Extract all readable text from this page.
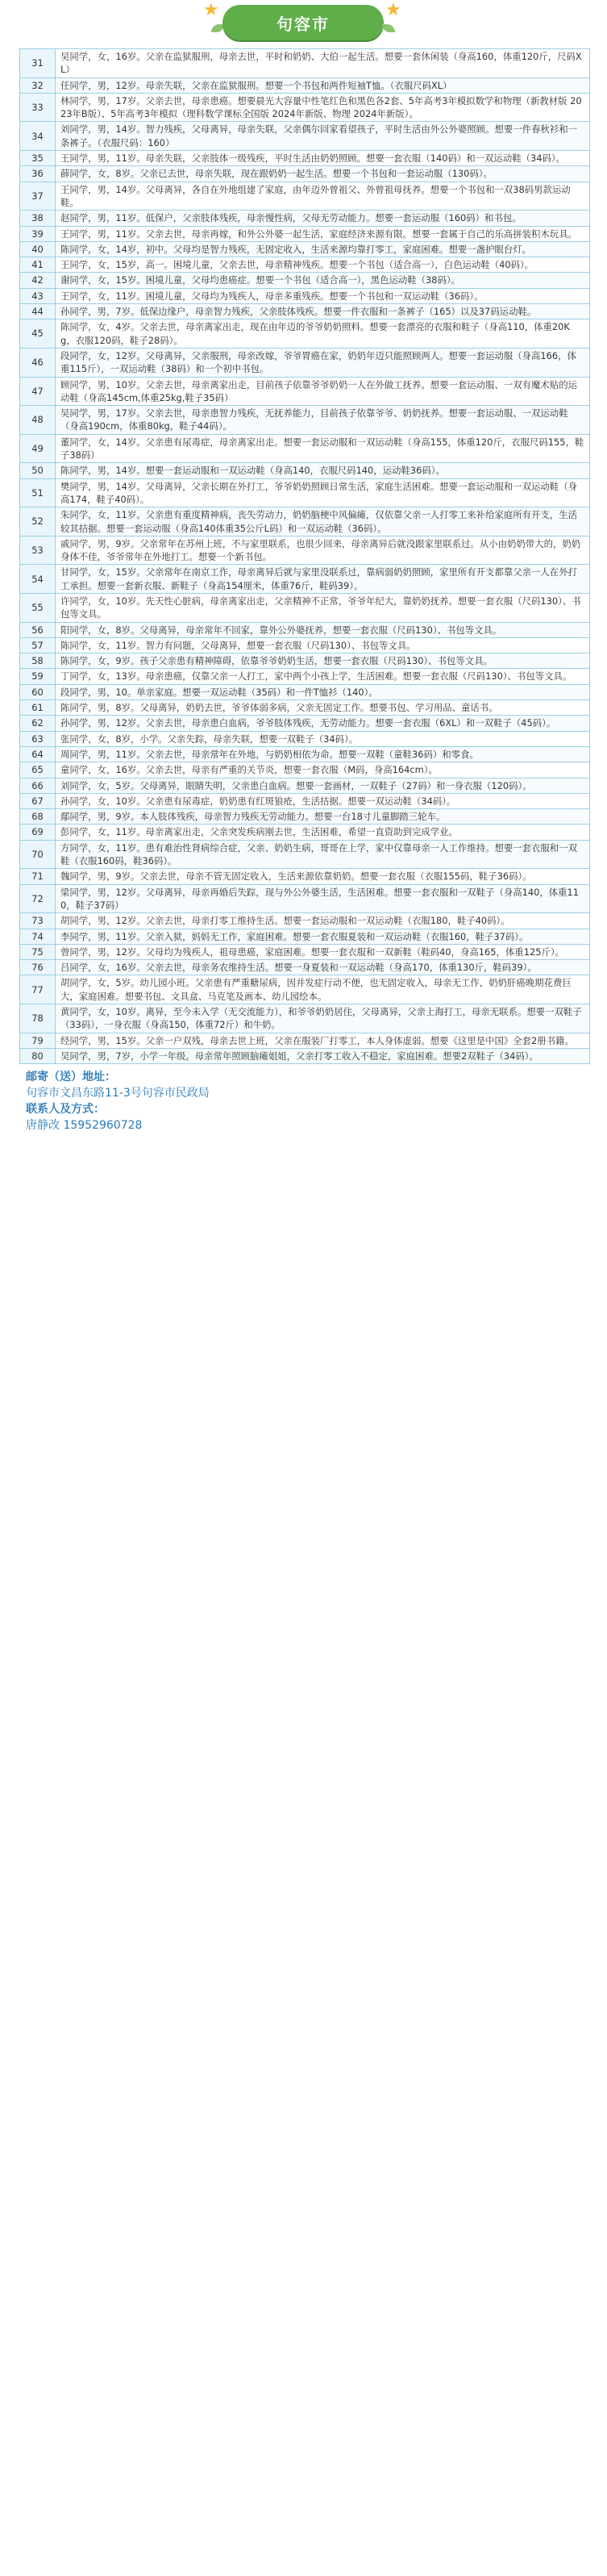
★
句容市
★
31	吴同学，女，16岁。父亲在监狱服刑，母亲去世，平时和奶奶、大伯一起生活。想要一套休闲装（身高160，体重120斤，尺码XL）
32	任同学，男，12岁。母亲失联，父亲在监狱服刑。想要一个书包和两件短袖T恤。（衣服尺码XL）
33	林同学，男，17岁。父亲去世，母亲患癌。想要晨光大容量中性笔红色和黑色各2套、5年高考3年模拟数学和物理（新教材版 2023年B版）、5年高考3年模拟（理科数学课标全国版 2024年新版、物理 2024年新版）。
34	刘同学，男，14岁。智力残疾，父母离异，母亲失联，父亲偶尔回家看望孩子，平时生活由外公外婆照顾。想要一件春秋衫和一条裤子。（衣服尺码：160）
35	王同学，男，11岁。母亲失联，父亲肢体一级残疾，平时生活由奶奶照顾。想要一套衣服（140码）和一双运动鞋（34码）。
36	薛同学，女，8岁。父亲已去世，母亲失联，现在跟奶奶一起生活。想要一个书包和一套运动服（130码）。
37	王同学，男，14岁。父母离异，各自在外地组建了家庭，由年迈外曾祖父、外曾祖母抚养。想要一个书包和一双38码男款运动鞋。
38	赵同学，男，11岁。低保户，父亲肢体残疾，母亲慢性病，父母无劳动能力。想要一套运动服（160码）和书包。
39	王同学，男，11岁。父亲去世，母亲再嫁，和外公外婆一起生活，家庭经济来源有限。想要一套属于自己的乐高拼装积木玩具。
40	陈同学，女，14岁，初中。父母均是智力残疾，无固定收入，生活来源均靠打零工，家庭困难。想要一盏护眼台灯。
41	王同学，女，15岁，高一。困境儿童，父亲去世，母亲精神残疾。想要一个书包（适合高一），白色运动鞋（40码）。
42	谢同学，女，15岁。困境儿童，父母均患癌症。想要一个书包（适合高一），黑色运动鞋（38码）。
43	王同学，女，11岁。困境儿童，父母均为残疾人，母亲多重残疾。想要一个书包和一双运动鞋（36码）。
44	孙同学，男，7岁。低保边缘户，母亲智力残疾，父亲肢体残疾。想要一件衣服和一条裤子（165）以及37码运动鞋。
45	陈同学，女，4岁。父亲去世，母亲离家出走，现在由年迈的爷爷奶奶照料。想要一套漂亮的衣服和鞋子（身高110，体重20Kg，衣服120码，鞋子28码）。
46	段同学，女，12岁。父母离异，父亲服刑，母亲改嫁，爷爷胃癌在家，奶奶年迈只能照顾两人。想要一套运动服（身高166，体重115斤），一双运动鞋（38码）和一个初中书包。
47	顾同学，男，10岁。父亲去世，母亲离家出走，目前孩子依靠爷爷奶奶一人在外做工抚养。想要一套运动服、一双有魔术贴的运动鞋（身高145cm,体重25kg,鞋子35码）
48	吴同学，男，17岁。父亲去世，母亲患智力残疾，无抚养能力，目前孩子依靠爷爷、奶奶抚养。想要一套运动服、一双运动鞋（身高190cm，体重80kg，鞋子44码）。
49	董同学，女，14岁。父亲患有尿毒症，母亲离家出走。想要一套运动服和一双运动鞋（身高155，体重120斤，衣服尺码155，鞋子38码）
50	陈同学，男，14岁。想要一套运动服和一双运动鞋（身高140，衣服尺码140，运动鞋36码）。
51	樊同学，男，14岁。父母离异，父亲长期在外打工，爷爷奶奶照顾日常生活，家庭生活困难。想要一套运动服和一双运动鞋（身高174，鞋子40码）。
52	朱同学，女，11岁。父亲患有重度精神病，丧失劳动力，奶奶脑梗中风偏瘫，仅依靠父亲一人打零工来补给家庭所有开支，生活较其拮据。想要一套运动服（身高140体重35公斤L码）和一双运动鞋（36码）。
53	戚同学，男，9岁。父亲常年在苏州上班，不与家里联系，也很少回来，母亲离异后就没跟家里联系过。从小由奶奶带大的，奶奶身体不佳，爷爷常年在外地打工。想要一个新书包。
54	甘同学，女，15岁。父亲常年在南京工作，母亲离异后就与家里没联系过，靠病弱奶奶照顾，家里所有开支都靠父亲一人在外打工承担。想要一套新衣服、新鞋子（身高154厘米，体重76斤，鞋码39）。
55	许同学，女，10岁。先天性心脏病，母亲离家出走，父亲精神不正常，爷爷年纪大，靠奶奶抚养。想要一套衣服（尺码130）、书包等文具。
56	阳同学，女，8岁。父母离异，母亲常年不回家，靠外公外婆抚养，想要一套衣服（尺码130）、书包等文具。
57	陈同学，女，11岁。智力有问题，父母离异，想要一套衣服（尺码130）、书包等文具。
58	陈同学，女，9岁。孩子父亲患有精神障碍，依靠爷爷奶奶生活，想要一套衣服（尺码130）、书包等文具。
59	丁同学，女，13岁。母亲患癌，仅靠父亲一人打工，家中两个小孩上学，生活困难。想要一套衣服（尺码130）、书包等文具。
60	段同学，男，10。单亲家庭。想要一双运动鞋（35码）和一件T恤衫（140）。
61	陈同学，男，8岁。父母离异，奶奶去世，爷爷体弱多病，父亲无固定工作。想要书包、学习用品、童话书。
62	孙同学，男，12岁。父亲去世，母亲患白血病，爷爷肢体残疾，无劳动能力。想要一套衣服（6XL）和一双鞋子（45码）。
63	张同学，女，8岁，小学。父亲失踪，母亲失联，想要一双鞋子（34码）。
64	周同学，男，11岁。父亲去世，母亲常年在外地，与奶奶相依为命。想要一双鞋（童鞋36码）和零食。
65	童同学，女，16岁。父亲去世，母亲有严重的关节炎，想要一套衣服（M码，身高164cm）。
66	刘同学，女，5岁。父母离异，眼睛失明，父亲患白血病。想要一套画材，一双鞋子（27码）和一身衣服（120码）。
67	孙同学，女，10岁。父亲患有尿毒症，奶奶患有红斑狼疮，生活拮据。想要一双运动鞋（34码）。
68	鄢同学，男，9岁。本人肢体残疾，母亲智力残疾无劳动能力。想要一台18寸儿童脚踏三轮车。
69	彭同学，女，11岁。母亲离家出走，父亲突发疾病刚去世，生活困难，希望一直资助到完成学业。
70	方同学，女，11岁。患有难治性肾病综合症，父亲、奶奶生病，哥哥在上学，家中仅靠母亲一人工作维持。想要一套衣服和一双鞋（衣服160码，鞋36码）。
71	魏同学，男，9岁。父亲去世，母亲不管无固定收入，生活来源依靠奶奶。想要一套衣服（衣服155码，鞋子36码）。
72	梁同学，男，12岁。父母离异，母亲再婚后失踪，现与外公外婆生活，生活困难。想要一套衣服和一双鞋子（身高140，体重110，鞋子37码）
73	胡同学，男，12岁。父亲去世，母亲打零工维持生活。想要一套运动服和一双运动鞋（衣服180，鞋子40码）。
74	李同学，男，11岁。父亲入狱，妈妈无工作，家庭困难。想要一套衣服夏装和一双运动鞋（衣服160，鞋子37码）。
75	曾同学，男，12岁。父母均为残疾人，祖母患癌，家庭困难。想要一套衣服和一双新鞋（鞋码40，身高165，体重125斤）。
76	吕同学，女，16岁。父亲去世，母亲务农维持生活。想要一身夏装和一双运动鞋（身高170，体重130斤，鞋码39）。
77	胡同学，女，5岁。幼儿园小班。父亲患有严重糖尿病，因并发症行动不便，也无固定收入，母亲无工作，奶奶肝癌晚期花费巨大，家庭困难。想要书包、文具盒、马克笔及画本、幼儿园绘本。
78	黄同学，女，10岁。离异，至今未入学（无交流能力），和爷爷奶奶居住，父母离异，父亲上海打工，母亲无联系。想要一双鞋子（33码），一身衣服（身高150，体重72斤）和牛奶。
79	经同学，男，15岁。父亲一户双残，母亲去世上班，父亲在服装厂打零工，本人身体虚弱。想要《这里是中国》全套2册书籍。
80	吴同学，男，7岁，小学一年级。母亲常年照顾脑瘫姐姐，父亲打零工收入不稳定，家庭困难。想要2双鞋子（34码）。
邮寄（送）地址：
句容市文昌东路11-3号句容市民政局
联系人及方式：
唐静改 15952960728
